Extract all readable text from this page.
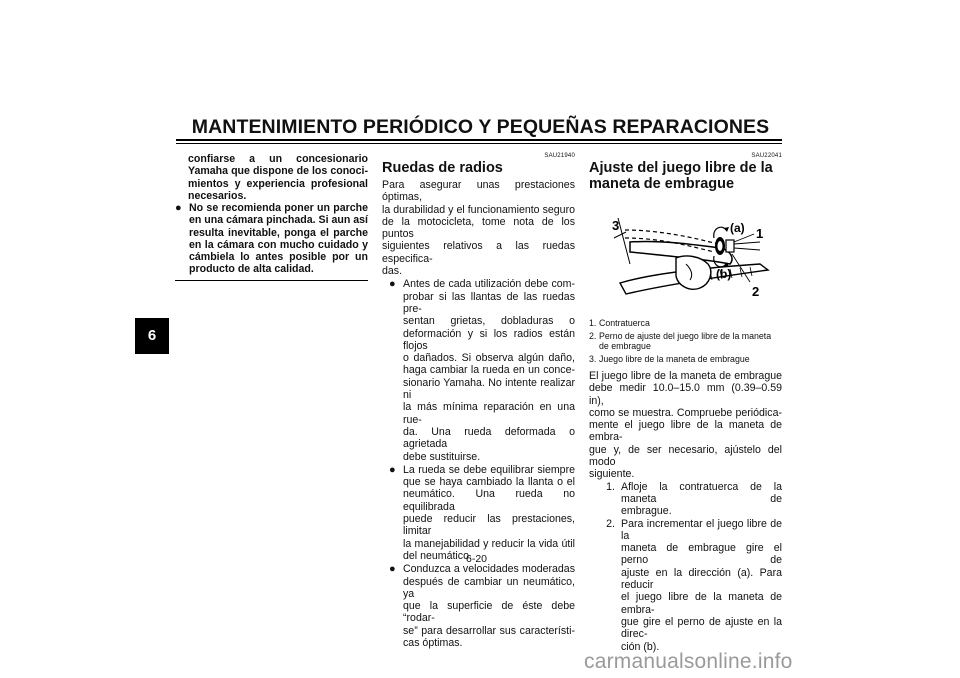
MANTENIMIENTO PERIÓDICO Y PEQUEÑAS REPARACIONES
6
confiarse a un concesionario
Yamaha que dispone de los conoci-
mientos y experiencia profesional
necesarios.
● No se recomienda poner un parche
en una cámara pinchada. Si aun así
resulta inevitable, ponga el parche
en la cámara con mucho cuidado y
cámbiela lo antes posible por un
producto de alta calidad.
SAU21940
Ruedas de radios
Para asegurar unas prestaciones óptimas,
la durabilidad y el funcionamiento seguro
de la motocicleta, tome nota de los puntos
siguientes relativos a las ruedas especifica-
das.
● Antes de cada utilización debe com-
probar si las llantas de las ruedas pre-
sentan grietas, dobladuras o
deformación y si los radios están flojos
o dañados. Si observa algún daño,
haga cambiar la rueda en un conce-
sionario Yamaha. No intente realizar ni
la más mínima reparación en una rue-
da. Una rueda deformada o agrietada
debe sustituirse.
● La rueda se debe equilibrar siempre
que se haya cambiado la llanta o el
neumático. Una rueda no equilibrada
puede reducir las prestaciones, limitar
la manejabilidad y reducir la vida útil
del neumático.
● Conduzca a velocidades moderadas
después de cambiar un neumático, ya
que la superficie de éste debe “rodar-
se” para desarrollar sus característi-
cas óptimas.
SAU22041
Ajuste del juego libre de la
maneta de embrague
3	(a) 1
(b)
2
1. Contratuerca
2. Perno de ajuste del juego libre de la maneta
de embrague
3. Juego libre de la maneta de embrague
El juego libre de la maneta de embrague
debe medir 10.0–15.0 mm (0.39–0.59 in),
como se muestra. Compruebe periódica-
mente el juego libre de la maneta de embra-
gue y, de ser necesario, ajústelo del modo
siguiente.
1. Afloje la contratuerca de la maneta de
embrague.
2. Para incrementar el juego libre de la
maneta de embrague gire el perno de
ajuste en la dirección (a). Para reducir
el juego libre de la maneta de embra-
gue gire el perno de ajuste en la direc-
ción (b).
6-20
carmanualsonline.info
